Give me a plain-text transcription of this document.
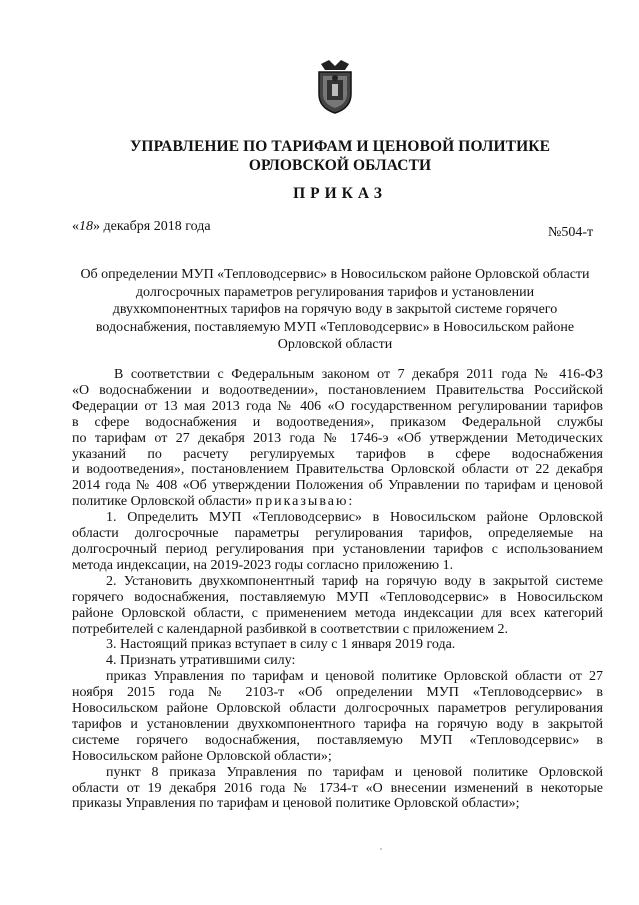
УПРАВЛЕНИЕ ПО ТАРИФАМ И ЦЕНОВОЙ ПОЛИТИКЕ
ОРЛОВСКОЙ ОБЛАСТИ
ПРИКАЗ
«18» декабря 2018 года	№504-т
Об определении МУП «Тепловодсервис» в Новосильском районе Орловской области
долгосрочных параметров регулирования тарифов и установлении
двухкомпонентных тарифов на горячую воду в закрытой системе горячего
водоснабжения, поставляемую МУП «Тепловодсервис» в Новосильском районе
Орловской области
В соответствии с Федеральным законом от 7 декабря 2011 года № 416-ФЗ
«О водоснабжении и водоотведении», постановлением Правительства Российской
Федерации от 13 мая 2013 года № 406 «О государственном регулировании тарифов
в сфере водоснабжения и водоотведения», приказом Федеральной службы
по тарифам от 27 декабря 2013 года № 1746-э «Об утверждении Методических
указаний по расчету регулируемых тарифов в сфере водоснабжения
и водоотведения», постановлением Правительства Орловской области от 22 декабря
2014 года № 408 «Об утверждении Положения об Управлении по тарифам и ценовой
политике Орловской области» приказываю:
1. Определить МУП «Тепловодсервис» в Новосильском районе Орловской
области долгосрочные параметры регулирования тарифов, определяемые на
долгосрочный период регулирования при установлении тарифов с использованием
метода индексации, на 2019-2023 годы согласно приложению 1.
2. Установить двухкомпонентный тариф на горячую воду в закрытой системе
горячего водоснабжения, поставляемую МУП «Тепловодсервис» в Новосильском
районе Орловской области, с применением метода индексации для всех категорий
потребителей с календарной разбивкой в соответствии с приложением 2.
3. Настоящий приказ вступает в силу с 1 января 2019 года.
4. Признать утратившими силу:
приказ Управления по тарифам и ценовой политике Орловской области от 27
ноября 2015 года № 2103-т «Об определении МУП «Тепловодсервис» в
Новосильском районе Орловской области долгосрочных параметров регулирования
тарифов и установлении двухкомпонентного тарифа на горячую воду в закрытой
системе горячего водоснабжения, поставляемую МУП «Тепловодсервис» в
Новосильском районе Орловской области»;
пункт 8 приказа Управления по тарифам и ценовой политике Орловской
области от 19 декабря 2016 года № 1734-т «О внесении изменений в некоторые
приказы Управления по тарифам и ценовой политике Орловской области»;
